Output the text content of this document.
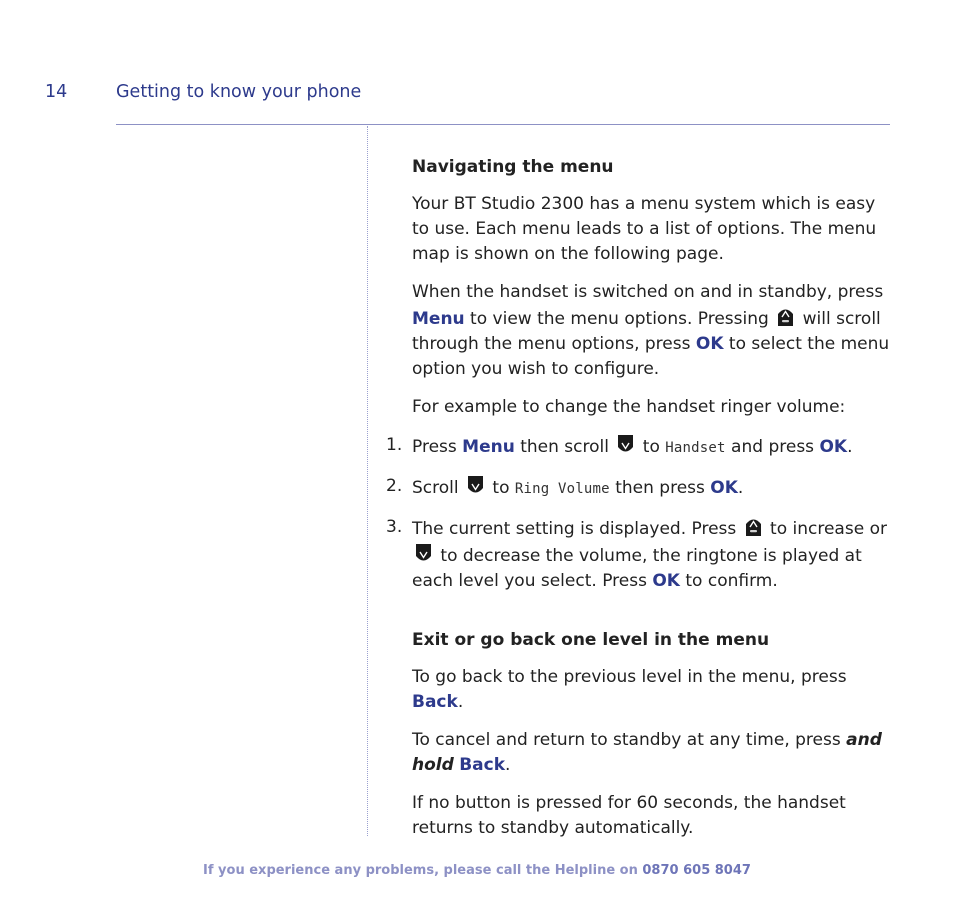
14	Getting to know your phone
Navigating the menu

Your BT Studio 2300 has a menu system which is easy to use. Each menu leads to a list of options. The menu map is shown on the following page.

When the handset is switched on and in standby, press Menu to view the menu options. Pressing
will scroll through the menu options, press OK to select the menu option you wish to configure.

For example to change the handset ringer volume:

1. Press Menu then scroll
to Handset and press OK.
2. Scroll
to Ring Volume then press OK.
3. The current setting is displayed. Press
to increase or
to decrease the volume, the ringtone is played at each level you select. Press OK to confirm.
Exit or go back one level in the menu

To go back to the previous level in the menu, press Back.

To cancel and return to standby at any time, press and hold Back.

If no button is pressed for 60 seconds, the handset returns to standby automatically.

If you experience any problems, please call the Helpline on 0870 605 8047
